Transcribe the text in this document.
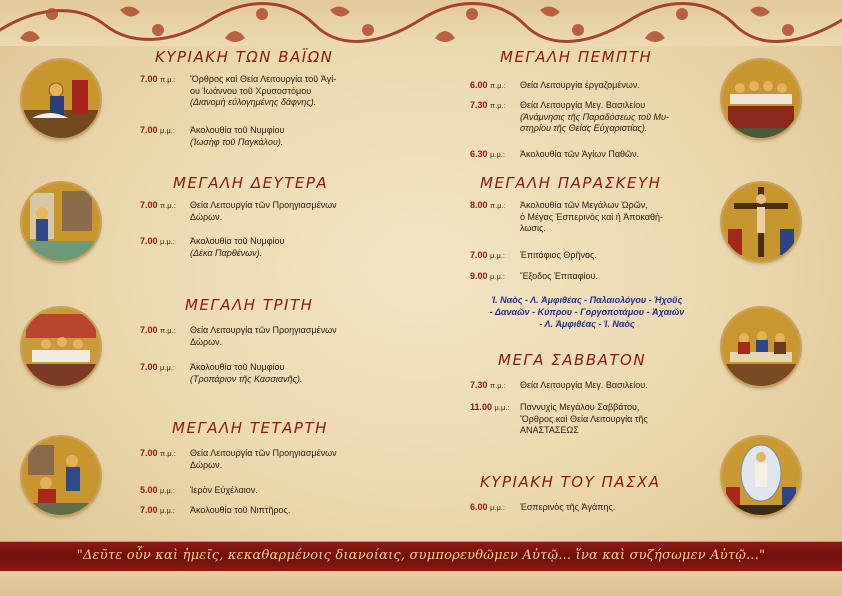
ΚΥΡΙΑΚΗ ΤΩΝ ΒΑΪΩΝ
7.00 π.μ.: Ὄρθρος καὶ Θεία Λειτουργία τοῦ Ἁγί-
ου Ἰωάννου τοῦ Χρυσοστόμου
(Διανομὴ εὐλογημένης δάφνης).
7.00 μ.μ.: Ἀκολουθία τοῦ Νυμφίου
(Ἰωσὴφ τοῦ Παγκάλου).
ΜΕΓΑΛΗ ΔΕΥΤΕΡΑ
7.00 π.μ.: Θεία Λειτουργία τῶν Προηγιασμένων
Δώρων.
7.00 μ.μ.: Ἀκολουθία τοῦ Νυμφίου
(Δέκα Παρθένων).
ΜΕΓΑΛΗ ΤΡΙΤΗ
7.00 π.μ.: Θεία Λειτουργία τῶν Προηγιασμένων
Δώρων.
7.00 μ.μ.: Ἀκολουθία τοῦ Νυμφίου
(Τροπάριον τῆς Κασσιανῆς).
ΜΕΓΑΛΗ ΤΕΤΑΡΤΗ
7.00 π.μ.: Θεία Λειτουργία τῶν Προηγιασμένων
Δώρων.
5.00 μ.μ.: Ἱερὸν Εὐχέλαιον.
7.00 μ.μ.: Ἀκολουθία τοῦ Νιπτῆρος.
ΜΕΓΑΛΗ ΠΕΜΠΤΗ
6.00 π.μ.: Θεία Λειτουργία ἐργαζομένων.
7.30 π.μ.: Θεία Λειτουργία Μεγ. Βασιλείου
(Ἀνάμνησις τῆς Παραδόσεως τοῦ Μυ-
στηρίου τῆς Θείας Εὐχαριστίας).
6.30 μ.μ.: Ἀκολουθία τῶν Ἁγίων Παθῶν.
ΜΕΓΑΛΗ ΠΑΡΑΣΚΕΥΗ
8.00 π.μ.: Ἀκολουθία τῶν Μεγάλων Ὡρῶν,
ὁ Μέγας Ἑσπερινὸς καὶ ἡ Ἀποκαθή-
λωσις.
7.00 μ.μ.: Ἐπιτάφιος Θρῆνος.
9.00 μ.μ.: Ἔξοδος Ἐπιταφίου.
Ἱ. Ναὸς - Λ. Ἀμφιθέας - Παλαιολόγου - Ἠχοῦς
- Δαναῶν - Κύπρου - Γοργοποτάμου - Ἀχαιῶν
- Λ. Ἀμφιθέας - Ἱ. Ναὸς
ΜΕΓΑ ΣΑΒΒΑΤΟΝ
7.30 π.μ.: Θεία Λειτουργία Μεγ. Βασιλείου.
11.00 μ.μ.: Παννυχὶς Μεγάλου Σαββάτου,
Ὄρθρος καὶ Θεία Λειτουργία τῆς
ΑΝΑΣΤΑΣΕΩΣ
ΚΥΡΙΑΚΗ ΤΟΥ ΠΑΣΧΑ
6.00 μ.μ.: Ἑσπερινὸς τῆς Ἀγάπης.
"Δεῦτε οὖν καὶ ἡμεῖς, κεκαθαρμένοις διανοίαις, συμπορευθῶμεν Αὐτῷ... ἵνα καὶ συζήσωμεν Αὐτῷ..."
